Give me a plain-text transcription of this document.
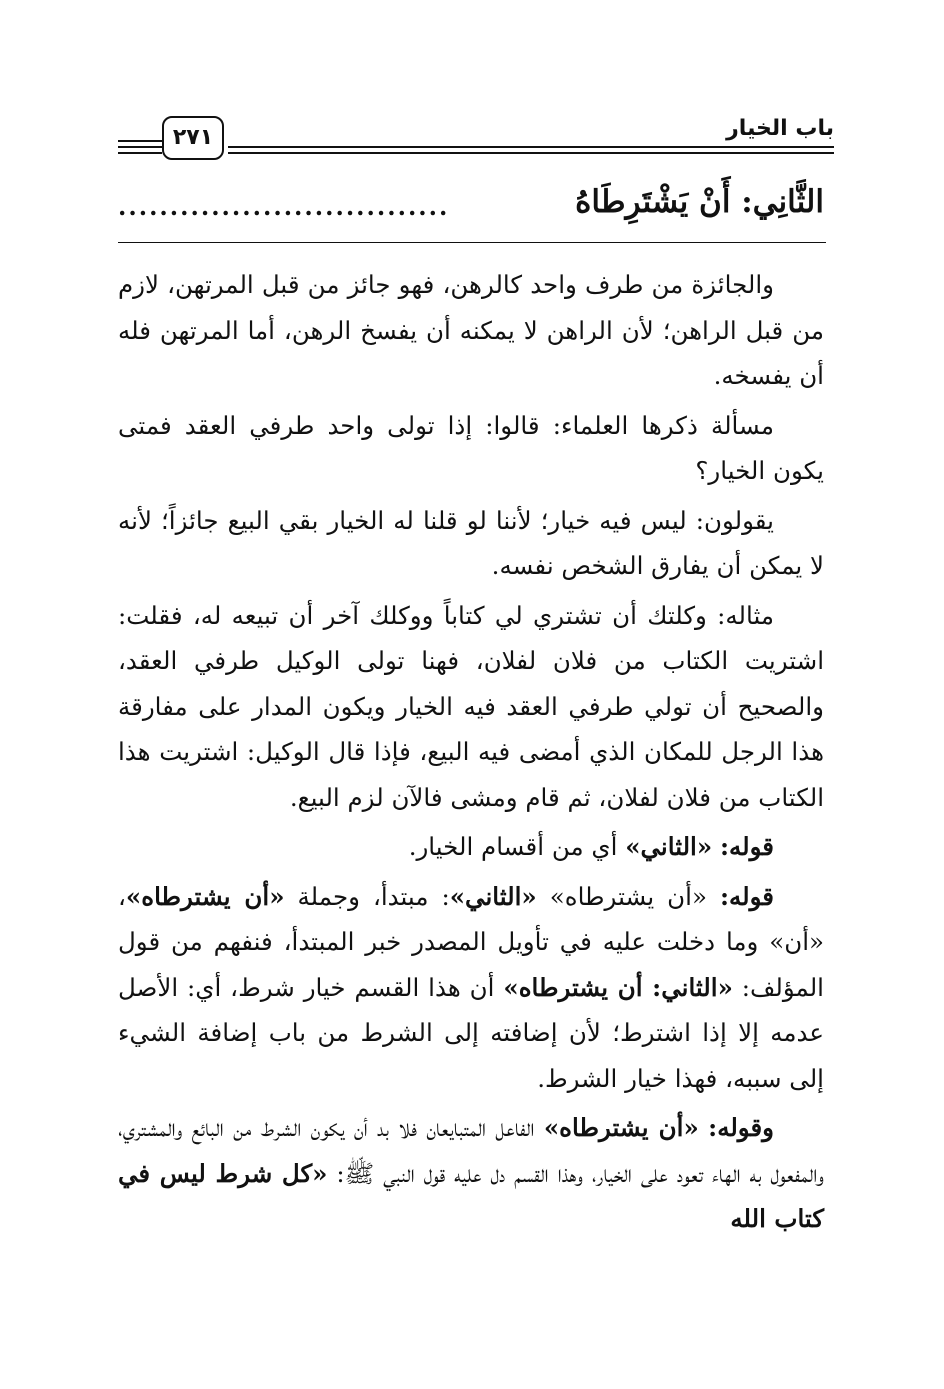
باب الخيار
٢٧١
الثَّانِي: أَنْ يَشْتَرِطَاهُ
................................

والجائزة من طرف واحد كالرهن، فهو جائز من قبل المرتهن، لازم من قبل الراهن؛ لأن الراهن لا يمكنه أن يفسخ الرهن، أما المرتهن فله أن يفسخه.

مسألة ذكرها العلماء: قالوا: إذا تولى واحد طرفي العقد فمتى يكون الخيار؟

يقولون: ليس فيه خيار؛ لأننا لو قلنا له الخيار بقي البيع جائزاً؛ لأنه لا يمكن أن يفارق الشخص نفسه.

مثاله: وكلتك أن تشتري لي كتاباً ووكلك آخر أن تبيعه له، فقلت: اشتريت الكتاب من فلان لفلان، فهنا تولى الوكيل طرفي العقد، والصحيح أن تولي طرفي العقد فيه الخيار ويكون المدار على مفارقة هذا الرجل للمكان الذي أمضى فيه البيع، فإذا قال الوكيل: اشتريت هذا الكتاب من فلان لفلان، ثم قام ومشى فالآن لزم البيع.

قوله: «الثاني» أي من أقسام الخيار.

قوله: «أن يشترطاه» «الثاني»: مبتدأ، وجملة «أن يشترطاه»، «أن» وما دخلت عليه في تأويل المصدر خبر المبتدأ، فنفهم من قول المؤلف: «الثاني: أن يشترطاه» أن هذا القسم خيار شرط، أي: الأصل عدمه إلا إذا اشترط؛ لأن إضافته إلى الشرط من باب إضافة الشيء إلى سببه، فهذا خيار الشرط.

وقوله: «أن يشترطاه» الفاعل المتبايعان فلا بد أن يكون الشرط من البائع والمشتري، والمفعول به الهاء تعود على الخيار، وهذا القسم دل عليه قول النبي ﷺ: «كل شرط ليس في كتاب الله
